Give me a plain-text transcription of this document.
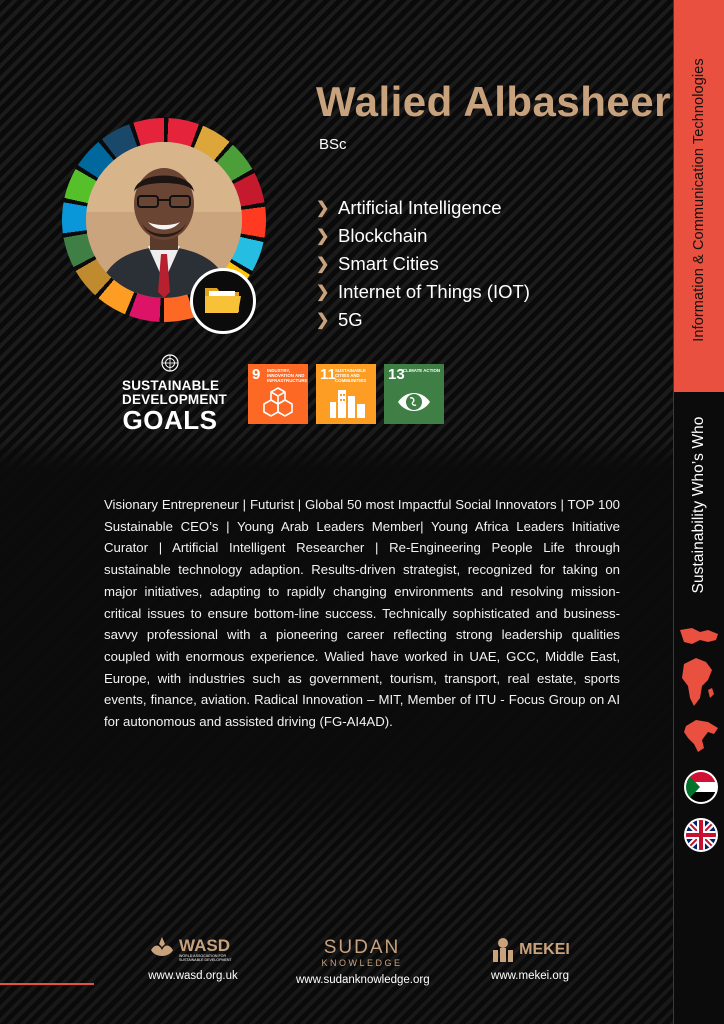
Walied Albasheer
BSc
❯ Artificial Intelligence
❯ Blockchain
❯ Smart Cities
❯ Internet of Things (IOT)
❯ 5G
SUSTAINABLE
DEVELOPMENT
GOALS
9 INDUSTRY, INNOVATION AND INFRASTRUCTURE 11 SUSTAINABLE CITIES AND COMMUNITIES	13
CLIMATE ACTION

Visionary Entrepreneur | Futurist | Global 50 most Impactful Social Innovators | TOP 100 Sustainable CEO’s | Young Arab Leaders Member| Young Africa Leaders Initiative Curator | Artificial Intelligent Researcher | Re-Engineering People Life through sustainable technology adaption. Results-driven strategist, recognized for taking on major initiatives, adapting to rapidly changing environments and resolving mission-critical issues to ensure bottom-line success. Technically sophisticated and business-savvy professional with a pioneering career reflecting strong leadership qualities coupled with enormous experience. Walied have worked in UAE, GCC, Middle East, Europe, with industries such as government, tourism, transport, real estate, sports events, finance, aviation. Radical Innovation – MIT, Member of ITU - Focus Group on AI for autonomous and assisted driving (FG-AI4AD).

Information & Communication Technologies
Sustainability Who’s Who
WASD
WORLD ASSOCIATION FOR SUSTAINABLE DEVELOPMENT
www.wasd.org.uk
SUDAN
KNOWLEDGE
www.sudanknowledge.org
MEKEI
www.mekei.org
